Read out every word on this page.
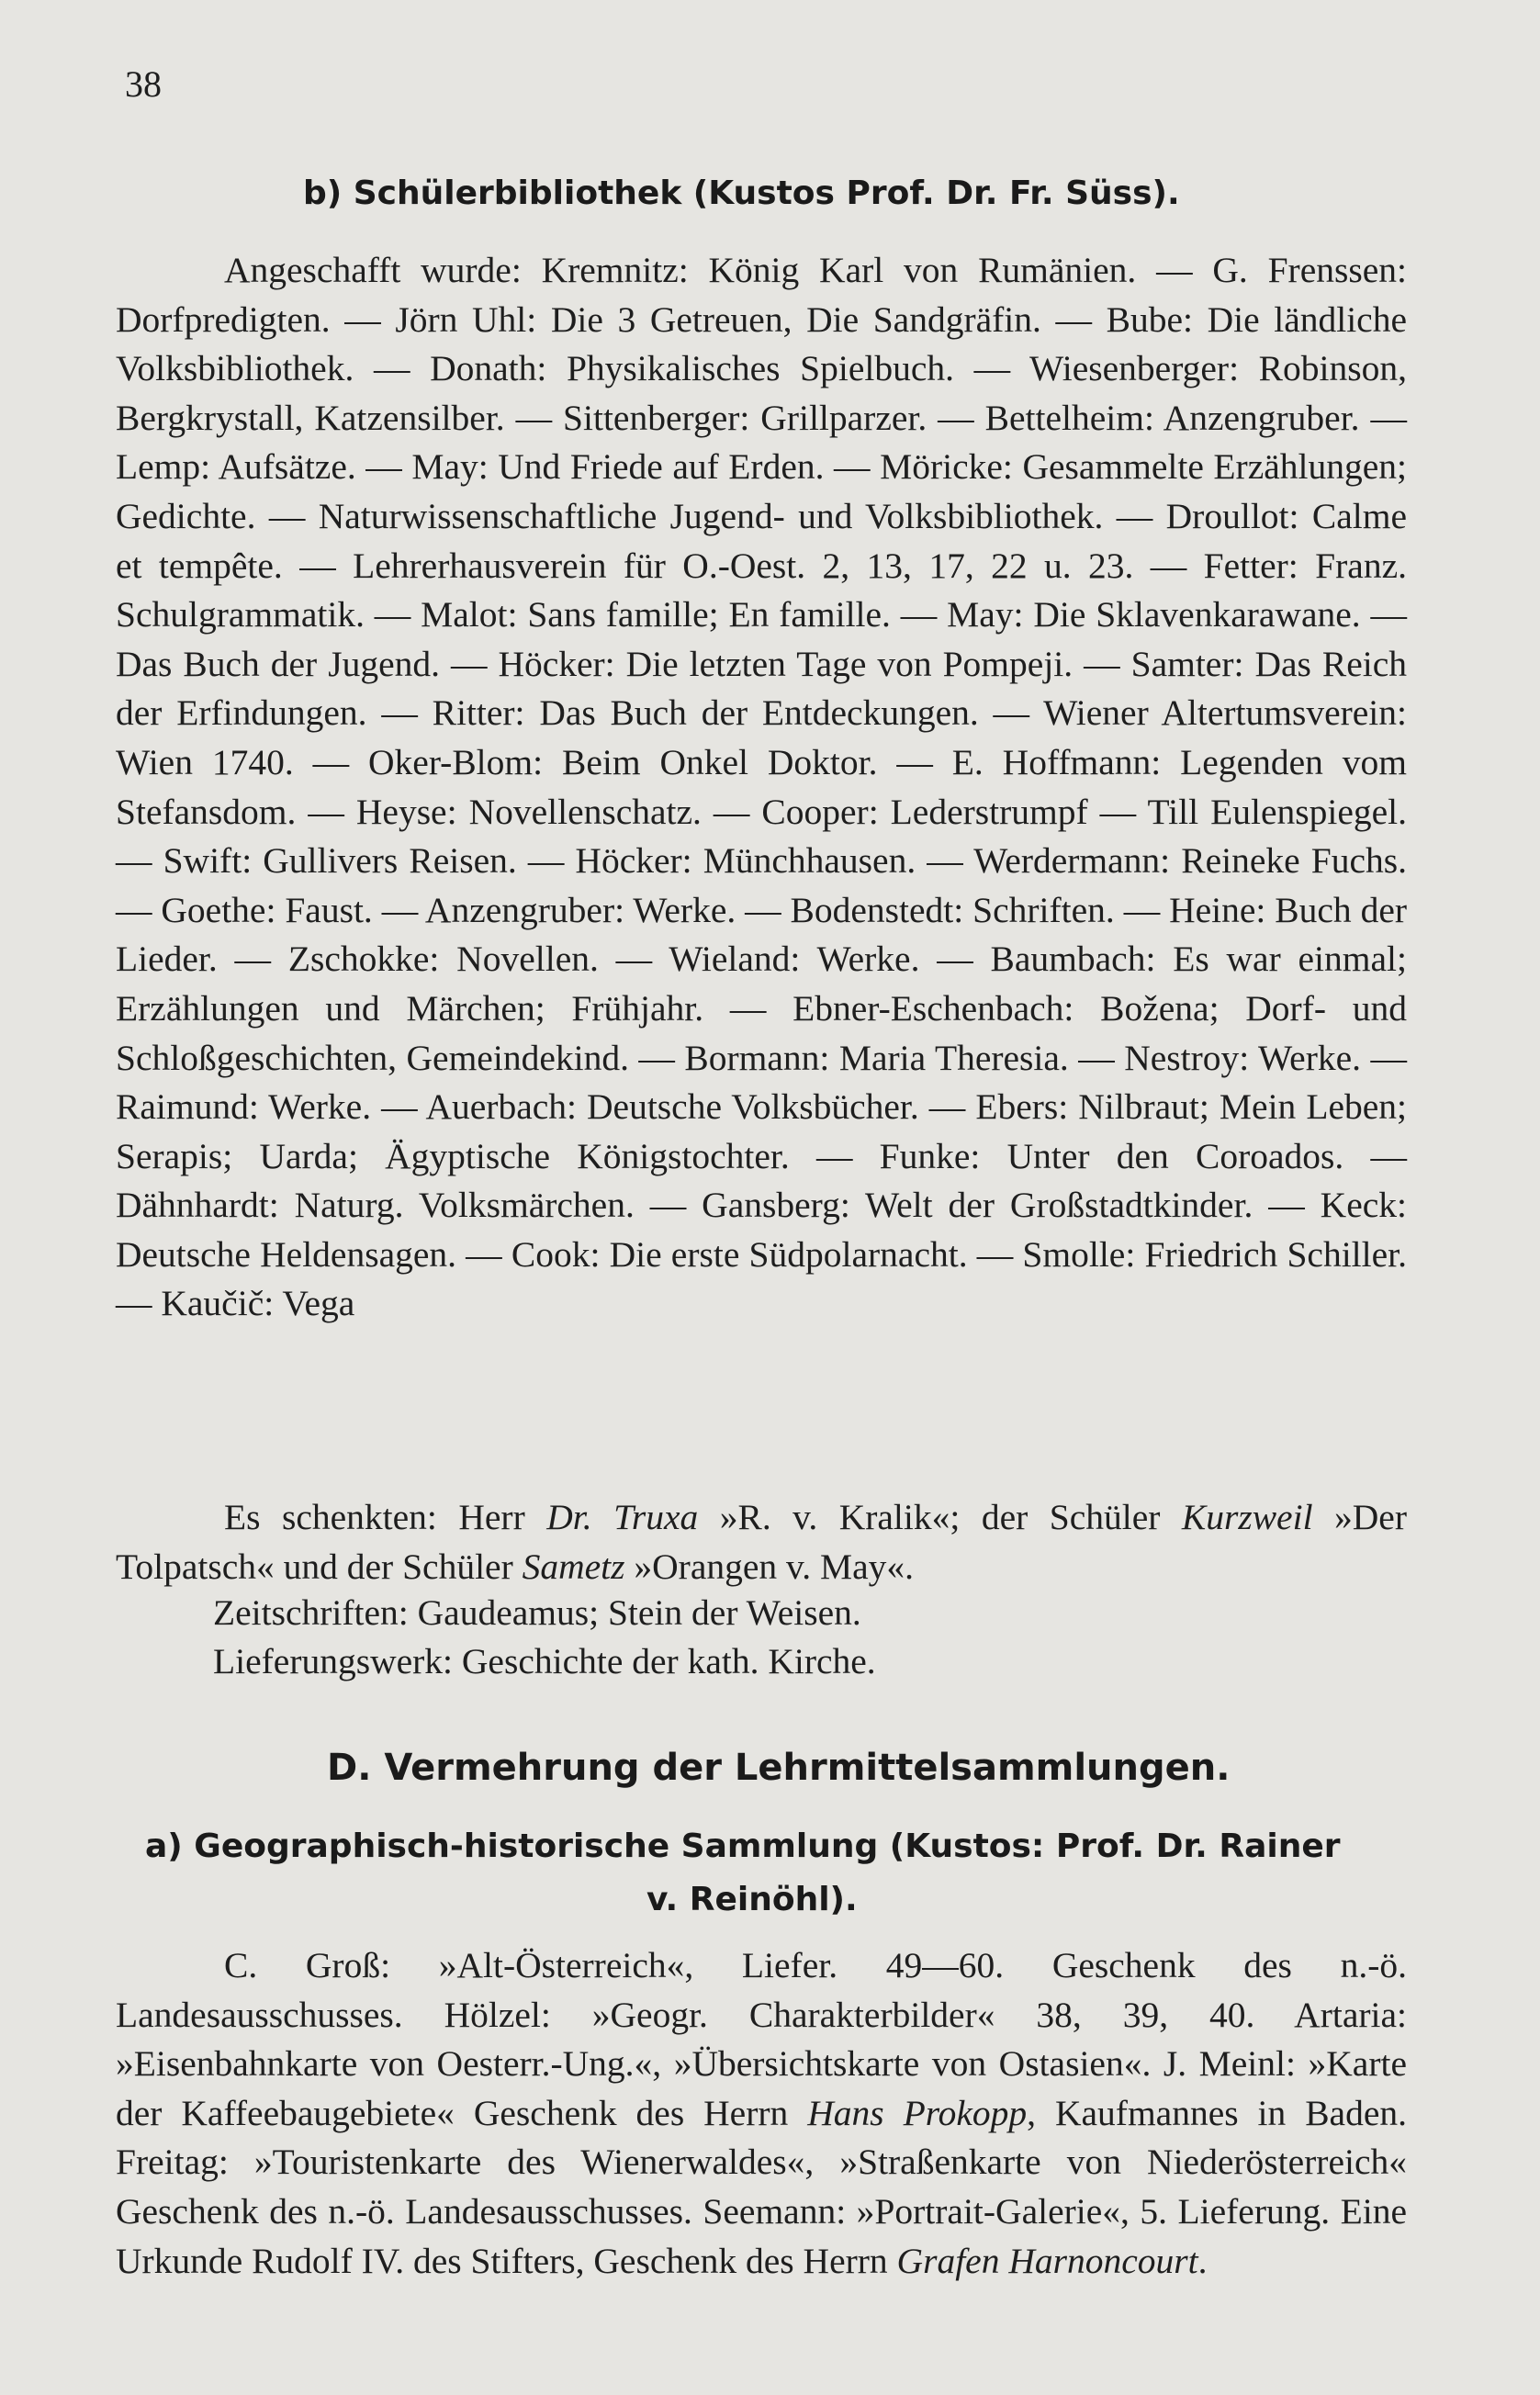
38
b) Schülerbibliothek (Kustos Prof. Dr. Fr. Süss).
Angeschafft wurde: Kremnitz: König Karl von Rumänien. — G. Frenssen: Dorfpredigten. — Jörn Uhl: Die 3 Getreuen, Die Sandgräfin. — Bube: Die ländliche Volksbibliothek. — Donath: Physikalisches Spielbuch. — Wiesenberger: Robinson, Bergkrystall, Katzensilber. — Sittenberger: Grillparzer. — Bettelheim: Anzengruber. — Lemp: Aufsätze. — May: Und Friede auf Erden. — Möricke: Gesammelte Erzählungen; Gedichte. — Naturwissenschaftliche Jugend- und Volksbibliothek. — Droullot: Calme et tempête. — Lehrerhausverein für O.-Oest. 2, 13, 17, 22 u. 23. — Fetter: Franz. Schulgrammatik. — Malot: Sans famille; En famille. — May: Die Sklavenkarawane. — Das Buch der Jugend. — Höcker: Die letzten Tage von Pompeji. — Samter: Das Reich der Erfindungen. — Ritter: Das Buch der Entdeckungen. — Wiener Altertumsverein: Wien 1740. — Oker-Blom: Beim Onkel Doktor. — E. Hoffmann: Legenden vom Stefansdom. — Heyse: Novellenschatz. — Cooper: Lederstrumpf — Till Eulenspiegel. — Swift: Gullivers Reisen. — Höcker: Münchhausen. — Werdermann: Reineke Fuchs. — Goethe: Faust. — Anzengruber: Werke. — Bodenstedt: Schriften. — Heine: Buch der Lieder. — Zschokke: Novellen. — Wieland: Werke. — Baumbach: Es war einmal; Erzählungen und Märchen; Frühjahr. — Ebner-Eschenbach: Božena; Dorf- und Schloßgeschichten, Gemeindekind. — Bormann: Maria Theresia. — Nestroy: Werke. — Raimund: Werke. — Auerbach: Deutsche Volksbücher. — Ebers: Nilbraut; Mein Leben; Serapis; Uarda; Ägyptische Königstochter. — Funke: Unter den Coroados. — Dähnhardt: Naturg. Volksmärchen. — Gansberg: Welt der Großstadtkinder. — Keck: Deutsche Heldensagen. — Cook: Die erste Südpolarnacht. — Smolle: Friedrich Schiller. — Kaučič: Vega
Es schenkten: Herr Dr. Truxa »R. v. Kralik«; der Schüler Kurzweil »Der Tolpatsch« und der Schüler Sametz »Orangen v. May«.
Zeitschriften: Gaudeamus; Stein der Weisen.
Lieferungswerk: Geschichte der kath. Kirche.
D. Vermehrung der Lehrmittelsammlungen.
a) Geographisch-historische Sammlung (Kustos: Prof. Dr. Rainer
v. Reinöhl).
C. Groß: »Alt-Österreich«, Liefer. 49—60. Geschenk des n.-ö. Landesausschusses. Hölzel: »Geogr. Charakterbilder« 38, 39, 40. Artaria: »Eisenbahnkarte von Oesterr.-Ung.«, »Übersichtskarte von Ostasien«. J. Meinl: »Karte der Kaffeebaugebiete« Geschenk des Herrn Hans Prokopp, Kaufmannes in Baden. Freitag: »Touristenkarte des Wienerwaldes«, »Straßenkarte von Niederösterreich« Geschenk des n.-ö. Landesausschusses. Seemann: »Portrait-Galerie«, 5. Lieferung. Eine Urkunde Rudolf IV. des Stifters, Geschenk des Herrn Grafen Harnoncourt.
